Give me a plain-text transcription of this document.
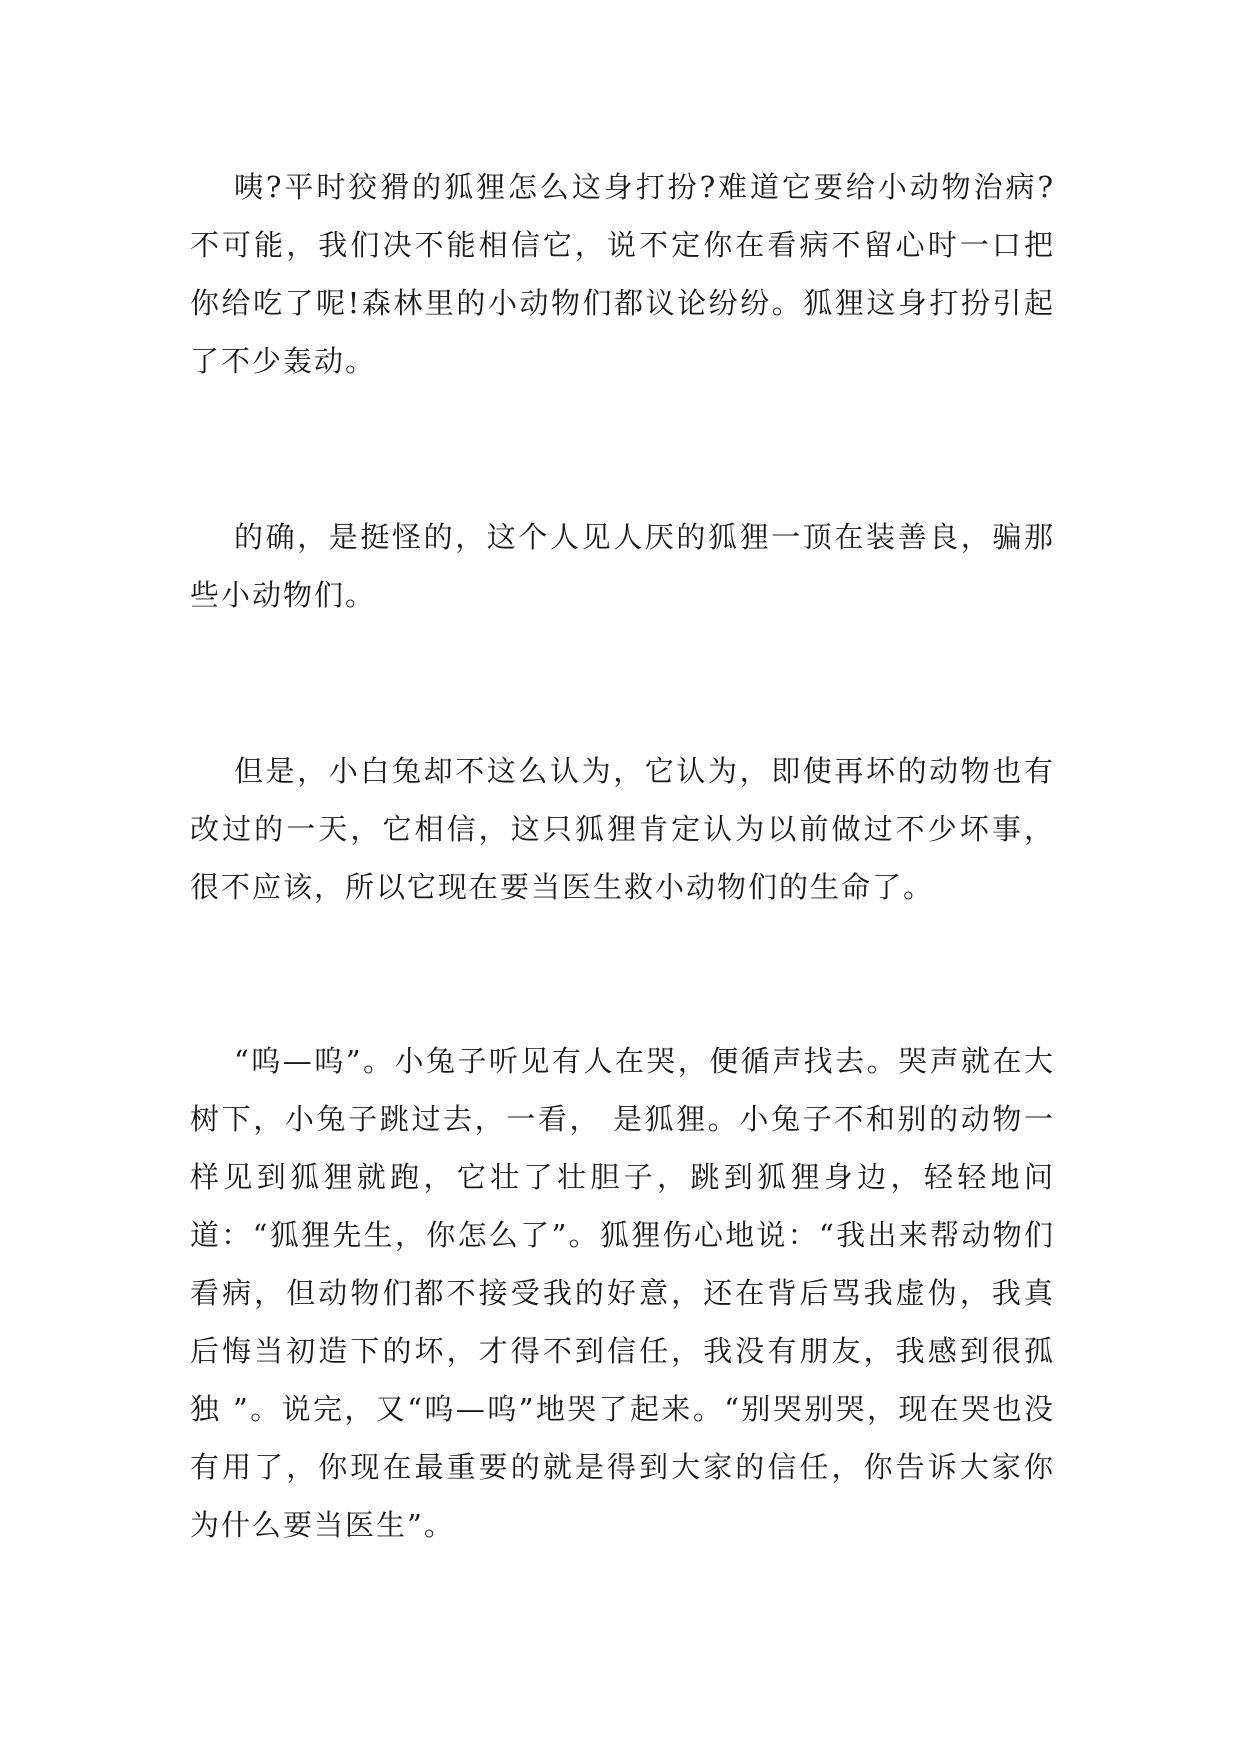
咦?平时狡猾的狐狸怎么这身打扮?难道它要给小动物治病?不可能，我们决不能相信它，说不定你在看病不留心时一口把你给吃了呢!森林里的小动物们都议论纷纷。狐狸这身打扮引起了不少轰动。

的确，是挺怪的，这个人见人厌的狐狸一顶在装善良，骗那些小动物们。

但是，小白兔却不这么认为，它认为，即使再坏的动物也有改过的一天，它相信，这只狐狸肯定认为以前做过不少坏事，很不应该，所以它现在要当医生救小动物们的生命了。

“呜—呜”。小兔子听见有人在哭，便循声找去。哭声就在大树下，小兔子跳过去，一看， 是狐狸。小兔子不和别的动物一样见到狐狸就跑，它壮了壮胆子，跳到狐狸身边，轻轻地问道：“狐狸先生，你怎么了”。狐狸伤心地说：“我出来帮动物们看病，但动物们都不接受我的好意，还在背后骂我虚伪，我真后悔当初造下的坏，才得不到信任，我没有朋友，我感到很孤独 ”。说完，又“呜—呜”地哭了起来。“别哭别哭，现在哭也没有用了，你现在最重要的就是得到大家的信任，你告诉大家你为什么要当医生”。
